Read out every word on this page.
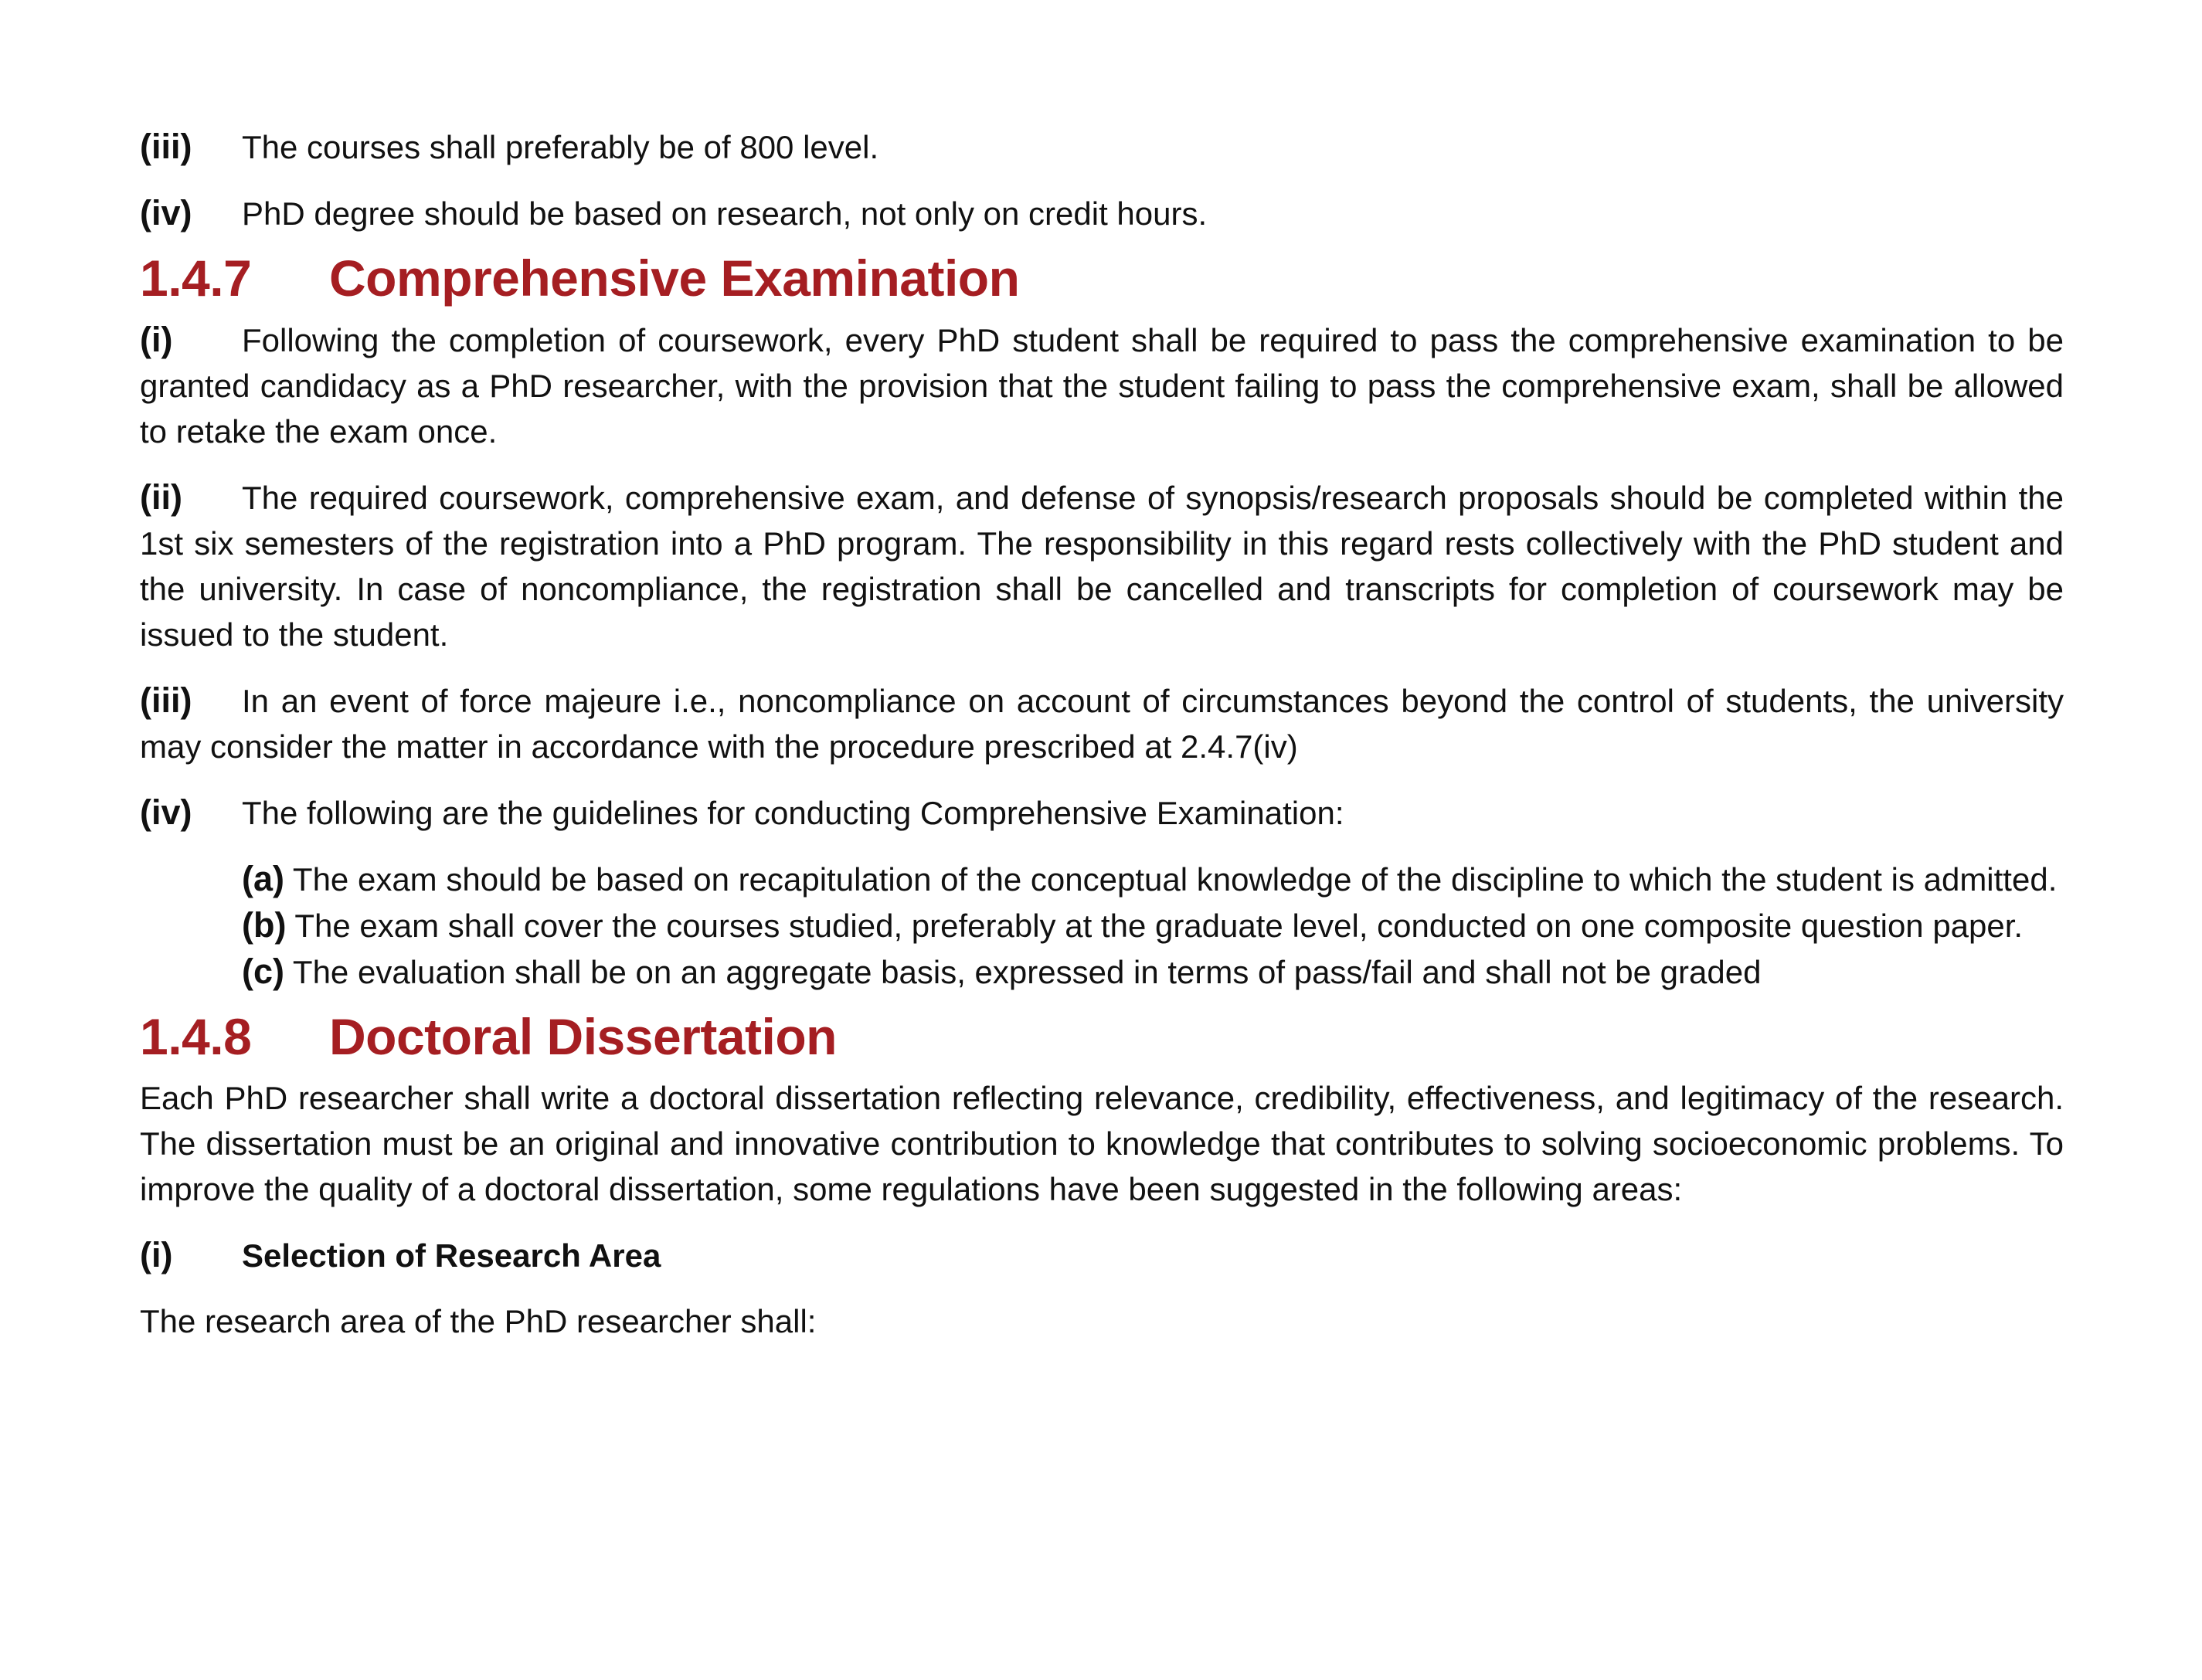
(iii) The courses shall preferably be of 800 level.

(iv) PhD degree should be based on research, not only on credit hours.

1.4.7 Comprehensive Examination

(i) Following the completion of coursework, every PhD student shall be required to pass the comprehensive examination to be granted candidacy as a PhD researcher, with the provision that the student failing to pass the comprehensive exam, shall be allowed to retake the exam once.

(ii) The required coursework, comprehensive exam, and defense of synopsis/research proposals should be completed within the 1st six semesters of the registration into a PhD program. The responsibility in this regard rests collectively with the PhD student and the university. In case of noncompliance, the registration shall be cancelled and transcripts for completion of coursework may be issued to the student.

(iii) In an event of force majeure i.e., noncompliance on account of circumstances beyond the control of students, the university may consider the matter in accordance with the procedure prescribed at 2.4.7(iv)

(iv) The following are the guidelines for conducting Comprehensive Examination:

(a) The exam should be based on recapitulation of the conceptual knowledge of the discipline to which the student is admitted.

(b) The exam shall cover the courses studied, preferably at the graduate level, conducted on one composite question paper.

(c) The evaluation shall be on an aggregate basis, expressed in terms of pass/fail and shall not be graded

1.4.8 Doctoral Dissertation

Each PhD researcher shall write a doctoral dissertation reflecting relevance, credibility, effectiveness, and legitimacy of the research. The dissertation must be an original and innovative contribution to knowledge that contributes to solving socioeconomic problems. To improve the quality of a doctoral dissertation, some regulations have been suggested in the following areas:

(i) Selection of Research Area

The research area of the PhD researcher shall:
